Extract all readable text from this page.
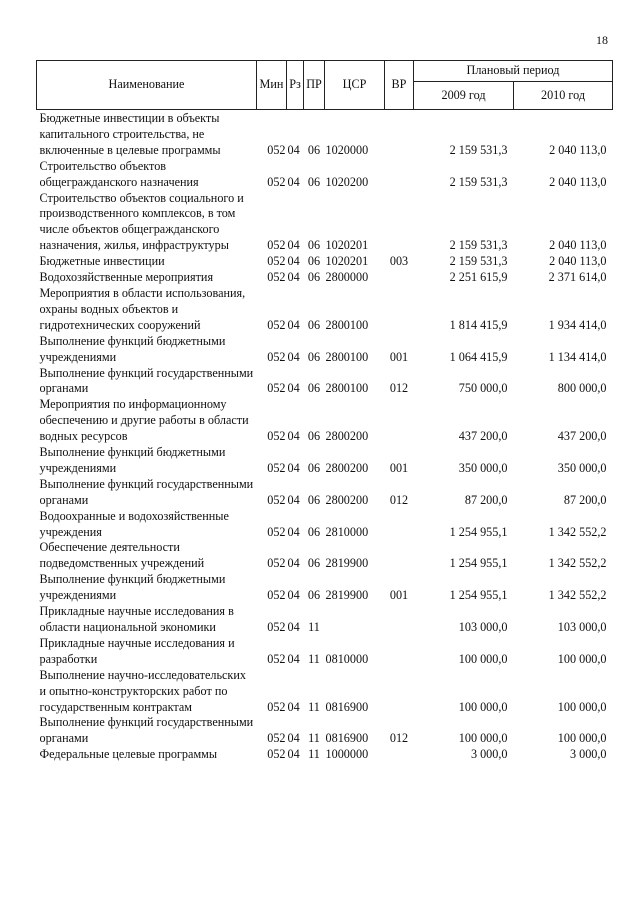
18
Наименование	Мин	Рз	ПР	ЦСР	ВР	Плановый период	
						2009 год	2010 год
Бюджетные инвестиции в объекты капитального строительства, не включенные в целевые программы	052	04	06	1020000		2 159 531,3	2 040 113,0
Строительство объектов общегражданского назначения	052	04	06	1020200		2 159 531,3	2 040 113,0
Строительство объектов социального и производственного комплексов, в том числе объектов общегражданского назначения, жилья, инфраструктуры	052	04	06	1020201		2 159 531,3	2 040 113,0
Бюджетные инвестиции	052	04	06	1020201	003	2 159 531,3	2 040 113,0
Водохозяйственные мероприятия	052	04	06	2800000		2 251 615,9	2 371 614,0
Мероприятия в области использования, охраны водных объектов и гидротехнических сооружений	052	04	06	2800100		1 814 415,9	1 934 414,0
Выполнение функций бюджетными учреждениями	052	04	06	2800100	001	1 064 415,9	1 134 414,0
Выполнение функций государственными органами	052	04	06	2800100	012	750 000,0	800 000,0
Мероприятия по информационному обеспечению и другие работы в области водных ресурсов	052	04	06	2800200		437 200,0	437 200,0
Выполнение функций бюджетными учреждениями	052	04	06	2800200	001	350 000,0	350 000,0
Выполнение функций государственными органами	052	04	06	2800200	012	87 200,0	87 200,0
Водоохранные и водохозяйственные учреждения	052	04	06	2810000		1 254 955,1	1 342 552,2
Обеспечение деятельности подведомственных учреждений	052	04	06	2819900		1 254 955,1	1 342 552,2
Выполнение функций бюджетными учреждениями	052	04	06	2819900	001	1 254 955,1	1 342 552,2
Прикладные научные исследования в области национальной экономики	052	04	11			103 000,0	103 000,0
Прикладные научные исследования и разработки	052	04	11	0810000		100 000,0	100 000,0
Выполнение научно-исследовательских и опытно-конструкторских работ по государственным контрактам	052	04	11	0816900		100 000,0	100 000,0
Выполнение функций государственными органами	052	04	11	0816900	012	100 000,0	100 000,0
Федеральные целевые программы	052	04	11	1000000		3 000,0	3 000,0
